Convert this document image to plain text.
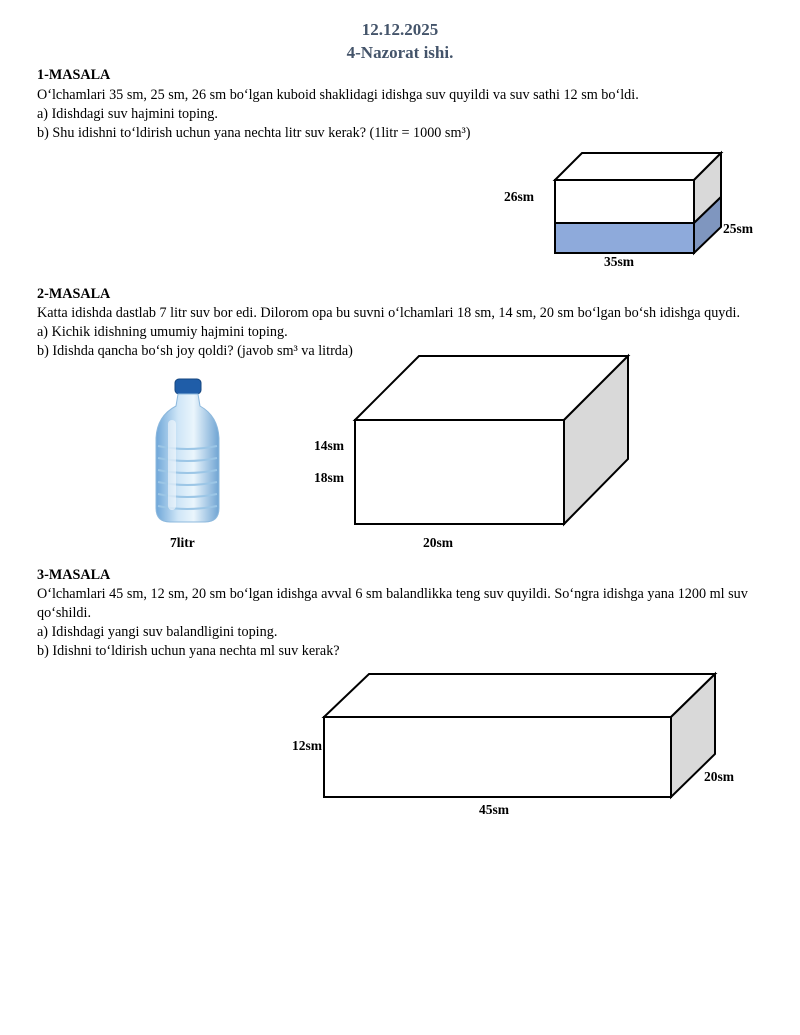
12.12.2025
4-Nazorat ishi.
1-MASALA
O‘lchamlari 35 sm, 25 sm, 26 sm bo‘lgan kuboid shaklidagi idishga suv quyildi va suv sathi 12 sm bo‘ldi.
a) Idishdagi suv hajmini toping.
b) Shu idishni to‘ldirish uchun yana nechta litr suv kerak? (1litr = 1000 sm³)
26sm
25sm
35sm
2-MASALA
Katta idishda dastlab 7 litr suv bor edi. Dilorom opa bu suvni o‘lchamlari 18 sm, 14 sm, 20 sm bo‘lgan bo‘sh idishga quydi.
a) Kichik idishning umumiy hajmini toping.
b) Idishda qancha bo‘sh joy qoldi? (javob sm³ va litrda)
7litr
14sm
18sm
20sm
3-MASALA
O‘lchamlari 45 sm, 12 sm, 20 sm bo‘lgan idishga avval 6 sm balandlikka teng suv quyildi. So‘ngra idishga yana 1200 ml suv
qo‘shildi.
a) Idishdagi yangi suv balandligini toping.
b) Idishni to‘ldirish uchun yana nechta ml suv kerak?
12sm
20sm
45sm
